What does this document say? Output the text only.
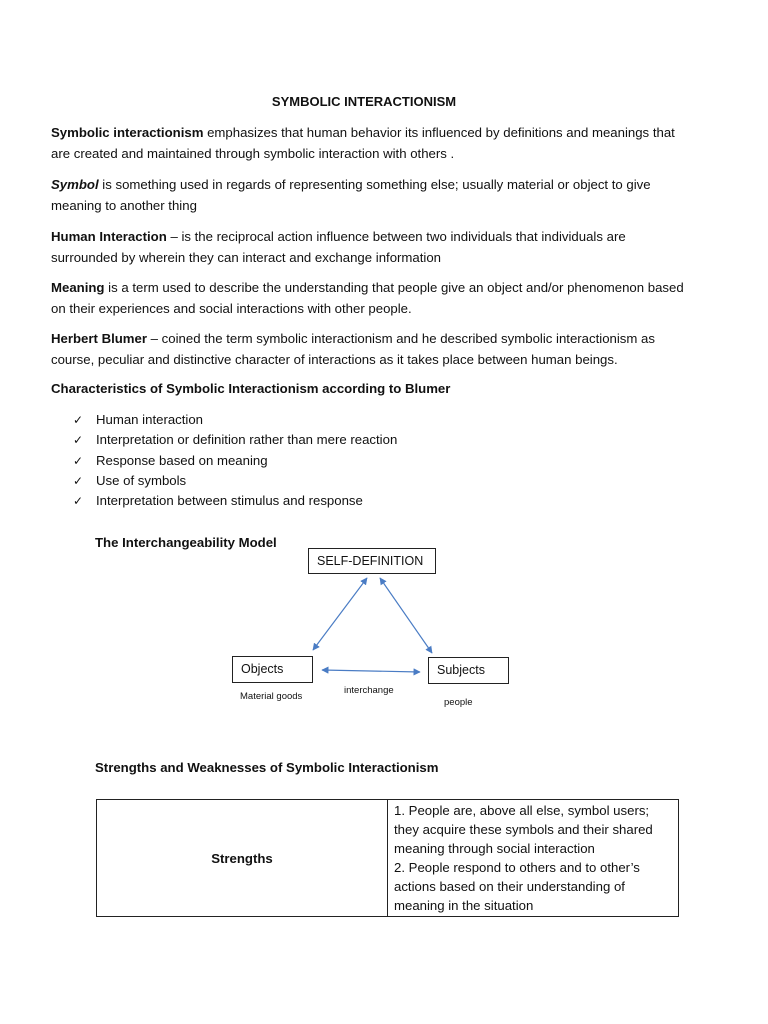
SYMBOLIC INTERACTIONISM

Symbolic interactionism emphasizes that human behavior its influenced by definitions and meanings that are created and maintained through symbolic interaction with others .

Symbol is something used in regards of representing something else; usually material or object to give meaning to another thing

Human Interaction – is the reciprocal action influence between two individuals that individuals are surrounded by wherein they can interact and exchange information

Meaning is a term used to describe the understanding that people give an object and/or phenomenon based on their experiences and social interactions with other people.

Herbert Blumer – coined the term symbolic interactionism and he described symbolic interactionism as course, peculiar and distinctive character of interactions as it takes place between human beings.

Characteristics of Symbolic Interactionism according to Blumer
✓ Human interaction
✓ Interpretation or definition rather than mere reaction
✓ Response based on meaning
✓ Use of symbols
✓ Interpretation between stimulus and response
The Interchangeability Model
SELF-DEFINITION
Objects	Subjects
Material goods
interchange
people
Strengths and Weaknesses of Symbolic Interactionism
Strengths	
1. People are, above all else, symbol users; they acquire these symbols and their shared meaning through social interaction
2. People respond to others and to other’s actions based on their understanding of meaning in the situation
